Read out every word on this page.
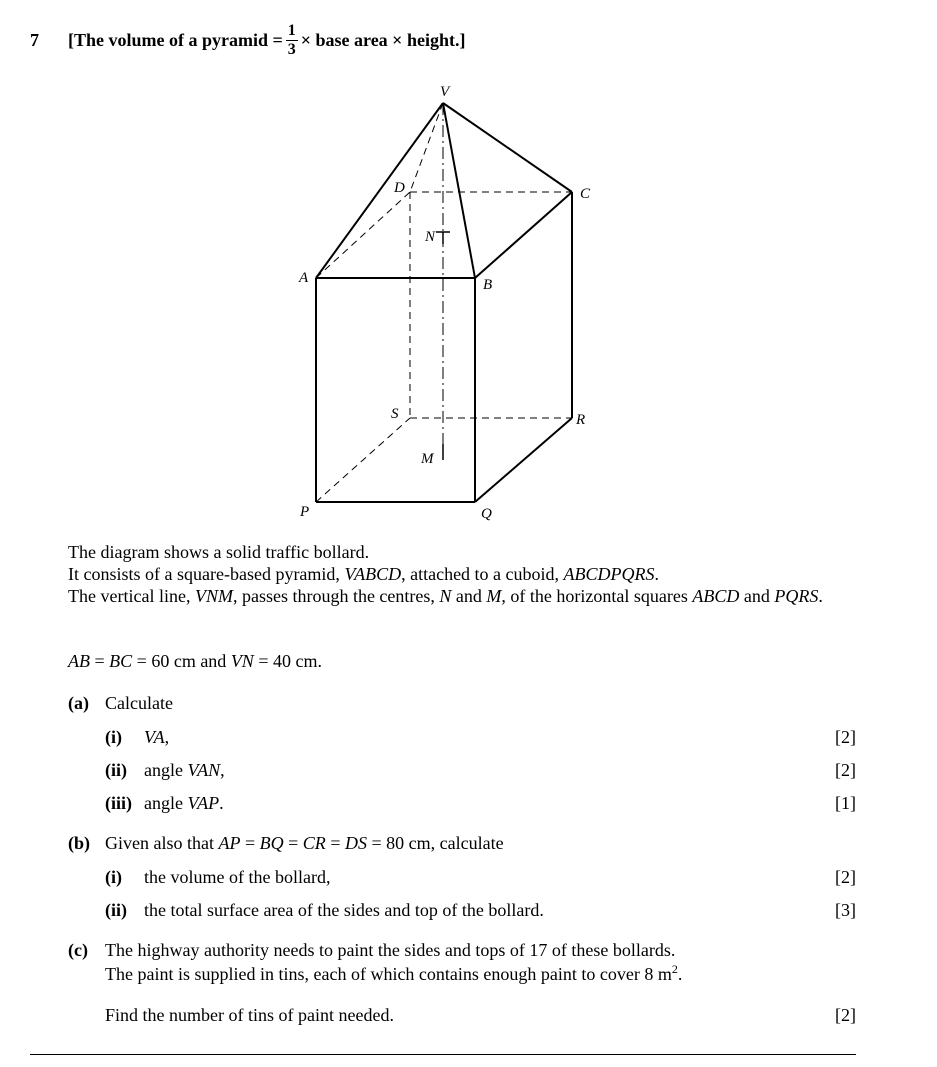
7 [The volume of a pyramid = $\frac{1}{3}$ × base area × height.]
V
D	C
N
A	B
S	R
M
P	Q
The diagram shows a solid traffic bollard.
It consists of a square-based pyramid, VABCD, attached to a cuboid, ABCDPQRS.
The vertical line, VNM, passes through the centres, N and M, of the horizontal squares ABCD and PQRS.
AB = BC = 60 cm and VN = 40 cm.
(a) Calculate
(i) VA,	[2]
(ii) angle VAN,	[2]
(iii) angle VAP.	[1]
(b) Given also that AP = BQ = CR = DS = 80 cm, calculate
(i) the volume of the bollard,	[2]
(ii) the total surface area of the sides and top of the bollard.	[3]
(c) The highway authority needs to paint the sides and tops of 17 of these bollards.
The paint is supplied in tins, each of which contains enough paint to cover 8 $m^2$.
Find the number of tins of paint needed.	[2]
